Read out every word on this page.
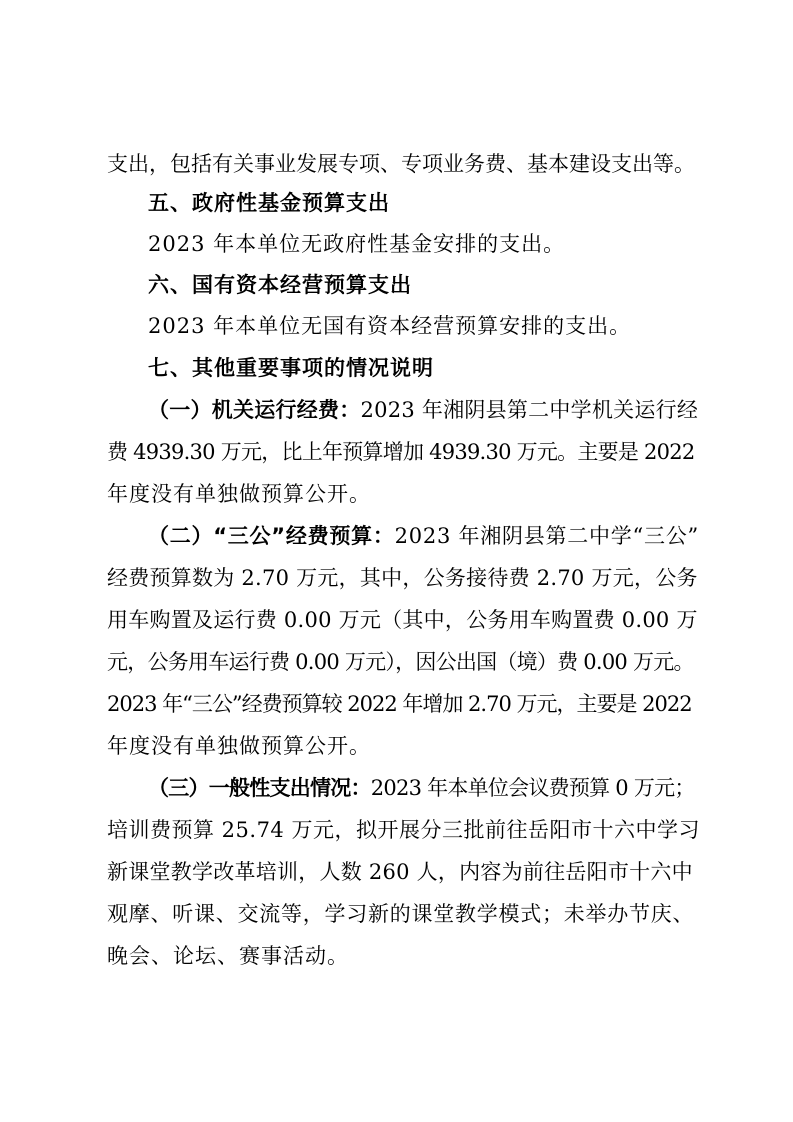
支出，包括有关事业发展专项、专项业务费、基本建设支出等。
五、政府性基金预算支出
2023 年本单位无政府性基金安排的支出。
六、国有资本经营预算支出
2023 年本单位无国有资本经营预算安排的支出。
七、其他重要事项的情况说明
（一）机关运行经费：2023 年湘阴县第二中学机关运行经
费 4939.30 万元，比上年预算增加 4939.30 万元。主要是 2022
年度没有单独做预算公开。
（二）“三公”经费预算：2023 年湘阴县第二中学“三公”
经费预算数为 2.70 万元，其中，公务接待费 2.70 万元，公务
用车购置及运行费 0.00 万元（其中，公务用车购置费 0.00 万
元，公务用车运行费 0.00 万元），因公出国（境）费 0.00 万元。
2023 年“三公”经费预算较 2022 年增加 2.70 万元，主要是 2022
年度没有单独做预算公开。
（三）一般性支出情况：2023 年本单位会议费预算 0 万元；
培训费预算 25.74 万元，拟开展分三批前往岳阳市十六中学习
新课堂教学改革培训，人数 260 人，内容为前往岳阳市十六中
观摩、听课、交流等，学习新的课堂教学模式；未举办节庆、
晚会、论坛、赛事活动。
